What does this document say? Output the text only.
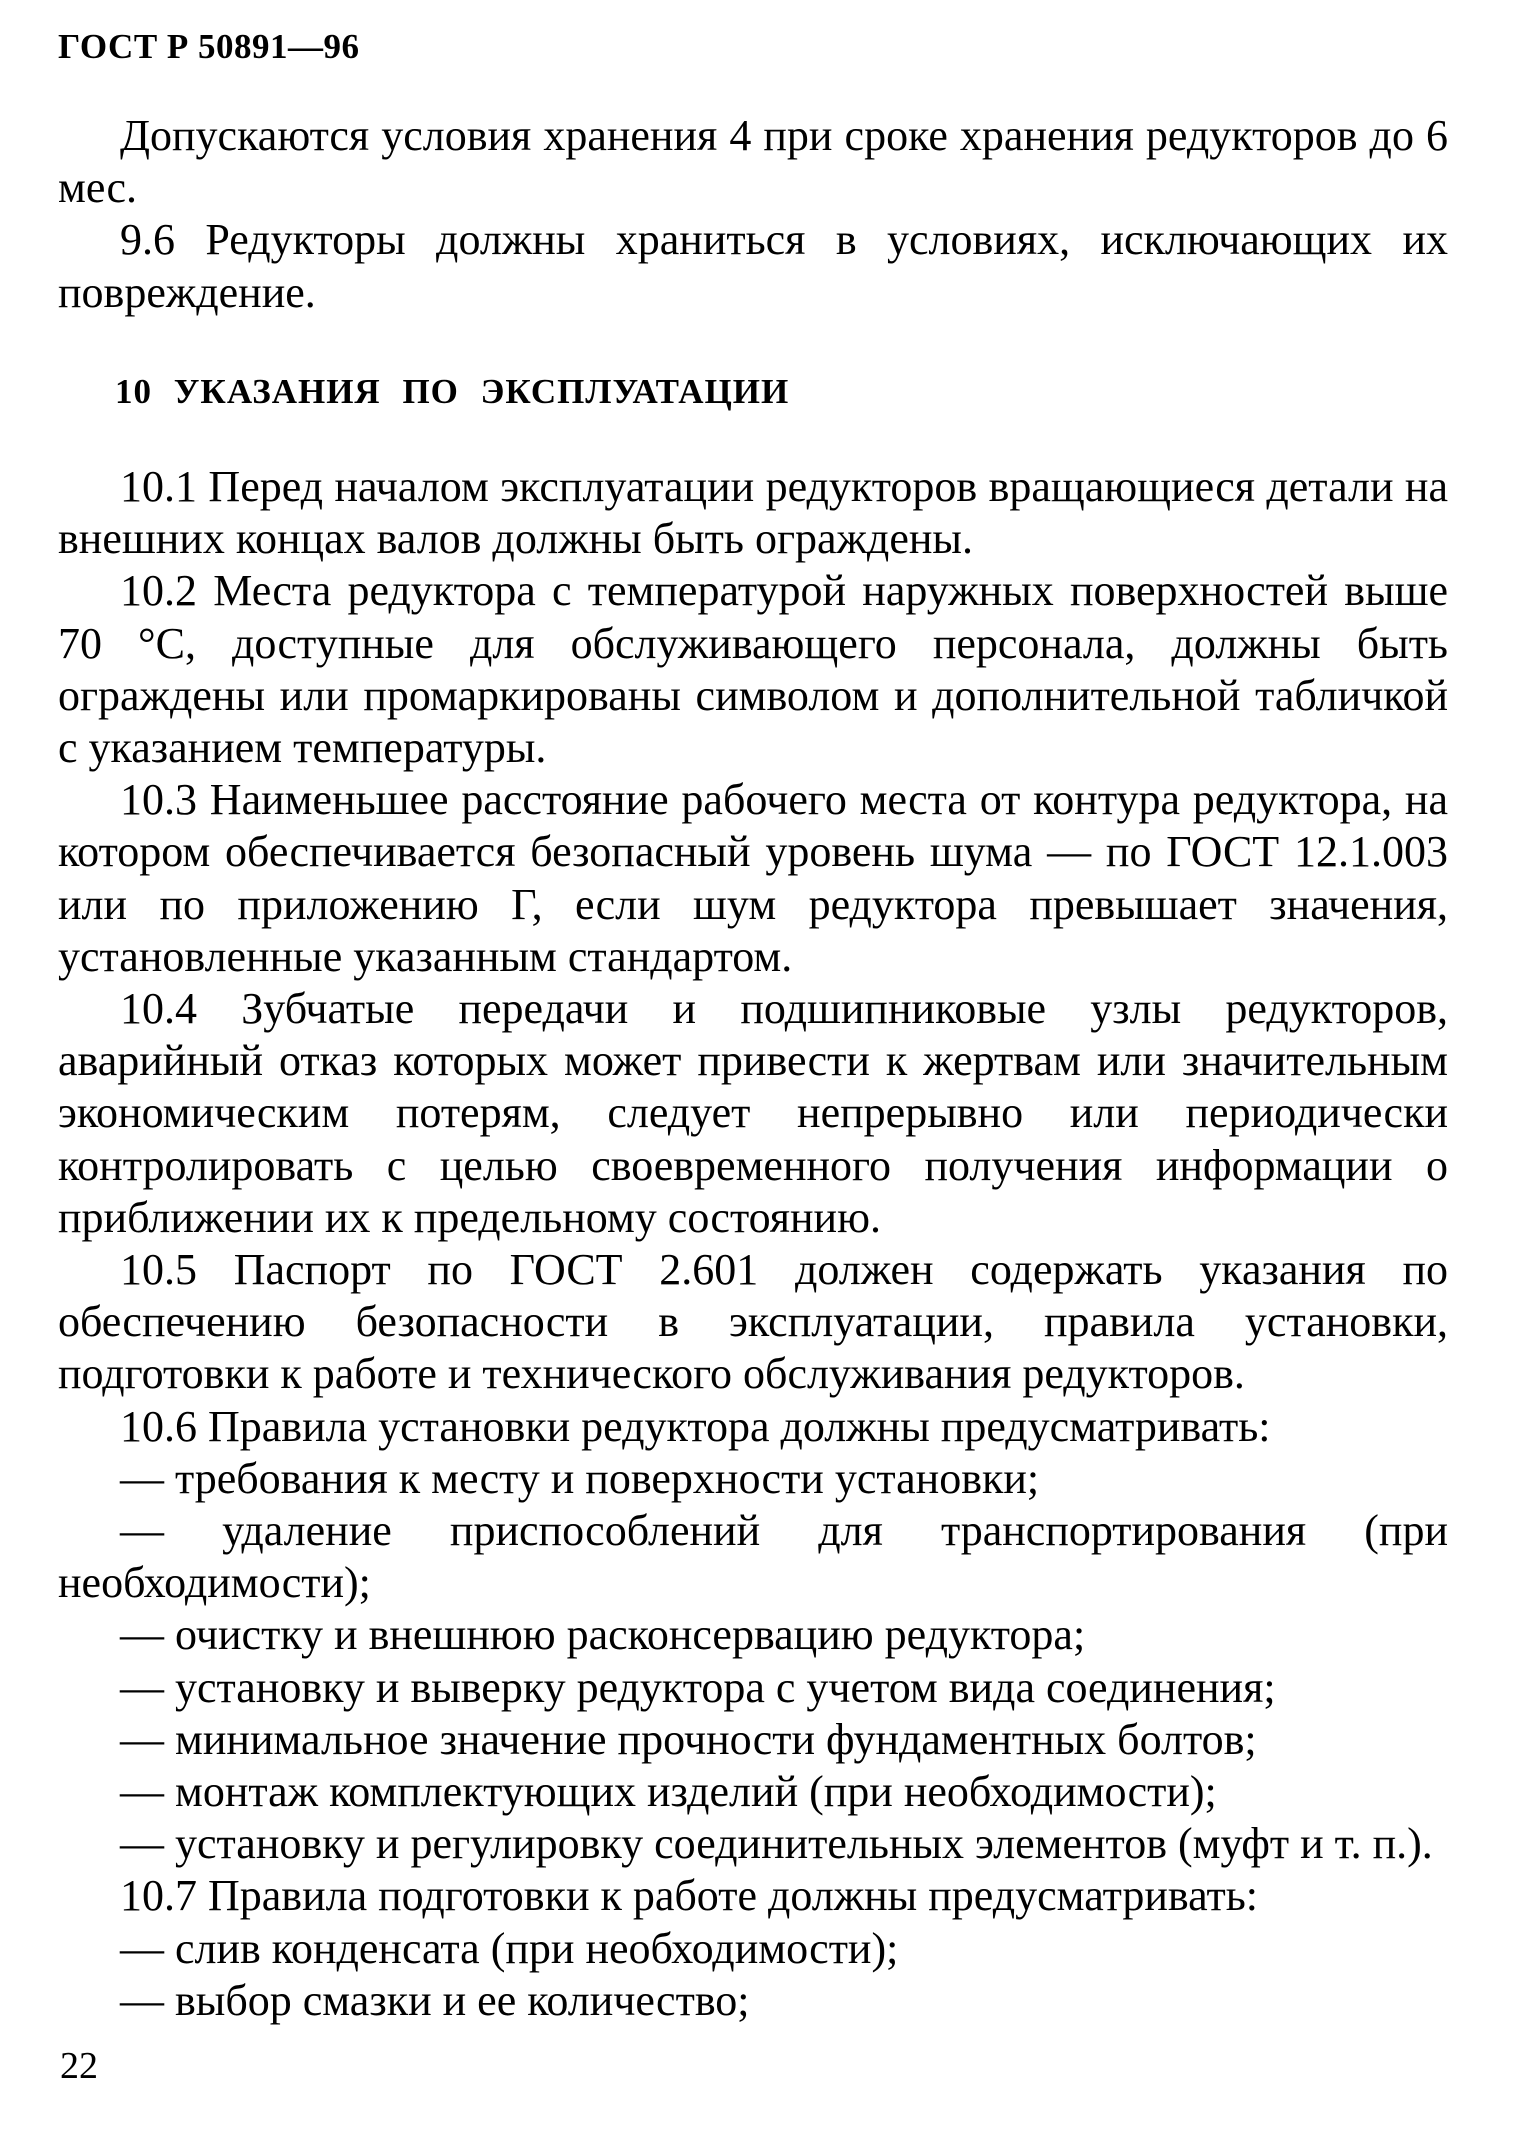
ГОСТ Р 50891—96

Допускаются условия хранения 4 при сроке хранения редукторов до 6 мес.

9.6 Редукторы должны храниться в условиях, исключающих их повреждение.

10 УКАЗАНИЯ ПО ЭКСПЛУАТАЦИИ

10.1 Перед началом эксплуатации редукторов вращающиеся детали на внешних концах валов должны быть ограждены.

10.2 Места редуктора с температурой наружных поверхностей выше 70 °С, доступные для обслуживающего персонала, должны быть ограждены или промаркированы символом и дополнительной табличкой с указанием температуры.

10.3 Наименьшее расстояние рабочего места от контура редуктора, на котором обеспечивается безопасный уровень шума — по ГОСТ 12.1.003 или по приложению Г, если шум редуктора превышает значения, установленные указанным стандартом.

10.4 Зубчатые передачи и подшипниковые узлы редукторов, аварийный отказ которых может привести к жертвам или значительным экономическим потерям, следует непрерывно или периодически контролировать с целью своевременного получения информации о приближении их к предельному состоянию.

10.5 Паспорт по ГОСТ 2.601 должен содержать указания по обеспечению безопасности в эксплуатации, правила установки, подготовки к работе и технического обслуживания редукторов.

10.6 Правила установки редуктора должны предусматривать:

— требования к месту и поверхности установки;

— удаление приспособлений для транспортирования (при необходимости);

— очистку и внешнюю расконсервацию редуктора;

— установку и выверку редуктора с учетом вида соединения;

— минимальное значение прочности фундаментных болтов;

— монтаж комплектующих изделий (при необходимости);

— установку и регулировку соединительных элементов (муфт и т. п.).

10.7 Правила подготовки к работе должны предусматривать:

— слив конденсата (при необходимости);

— выбор смазки и ее количество;

22
